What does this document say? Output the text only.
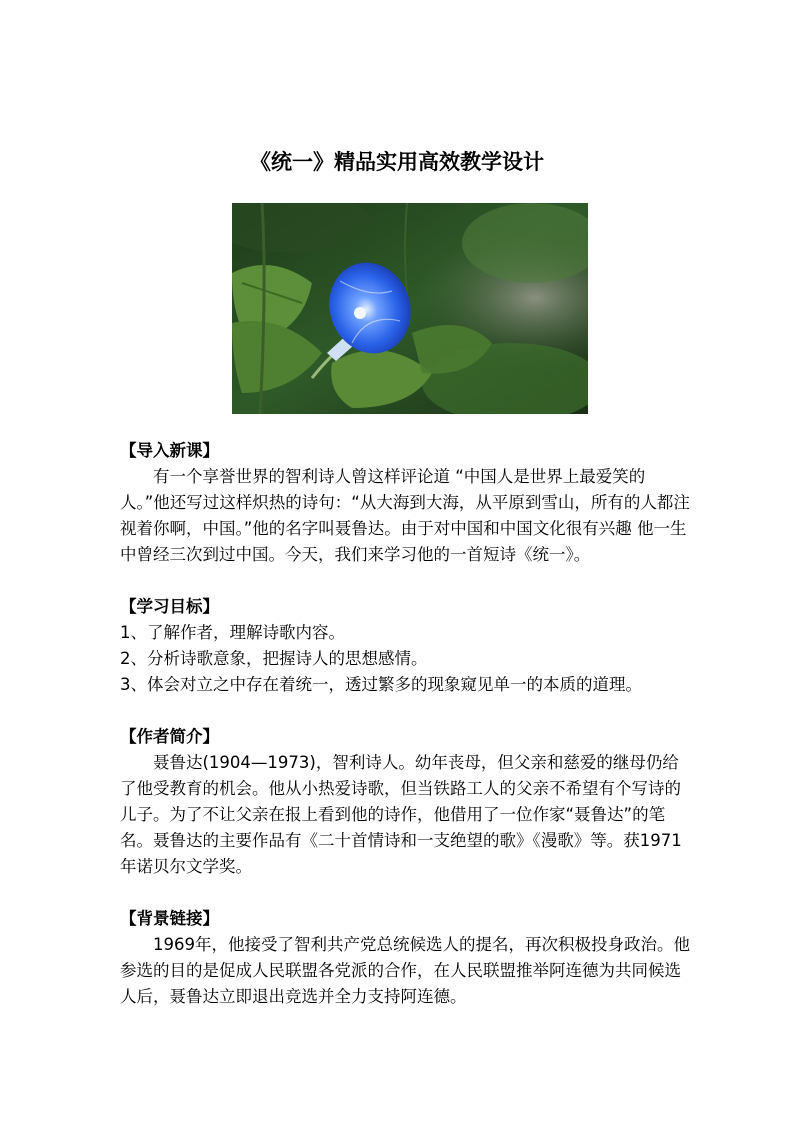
《统一》精品实用高效教学设计
【导入新课】

有一个享誉世界的智利诗人曾这样评论道 “中国人是世界上最爱笑的人。”他还写过这样炽热的诗句：“从大海到大海，从平原到雪山，所有的人都注视着你啊，中国。”他的名字叫聂鲁达。由于对中国和中国文化很有兴趣 他一生中曾经三次到过中国。今天，我们来学习他的一首短诗《统一》。

【学习目标】

1、了解作者，理解诗歌内容。

2、分析诗歌意象，把握诗人的思想感情。

3、体会对立之中存在着统一，透过繁多的现象窥见单一的本质的道理。

【作者简介】

聂鲁达(1904—1973)，智利诗人。幼年丧母，但父亲和慈爱的继母仍给了他受教育的机会。他从小热爱诗歌，但当铁路工人的父亲不希望有个写诗的儿子。为了不让父亲在报上看到他的诗作，他借用了一位作家“聂鲁达”的笔名。聂鲁达的主要作品有《二十首情诗和一支绝望的歌》《漫歌》等。获1971年诺贝尔文学奖。

【背景链接】

1969年，他接受了智利共产党总统候选人的提名，再次积极投身政治。他参选的目的是促成人民联盟各党派的合作，在人民联盟推举阿连德为共同候选人后，聂鲁达立即退出竞选并全力支持阿连德。
